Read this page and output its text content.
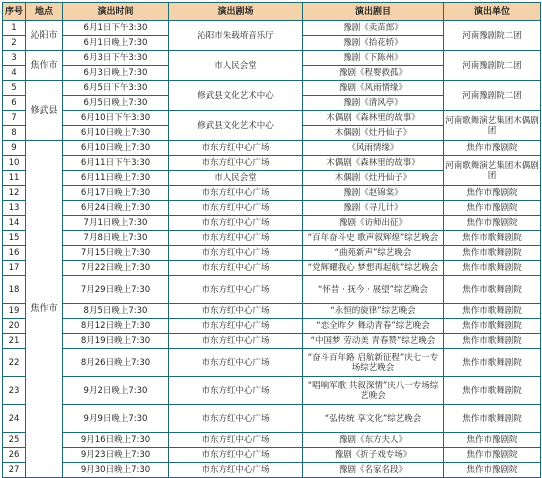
序号	地点	演出时间	演出剧场	演出剧目	演出单位
1	沁阳市	6月1日下午3:30	沁阳市朱载堉音乐厅	豫剧《卖苗郎》	河南豫剧院二团
2		6月1日晚上7:30		豫剧《抬花轿》	
3	焦作市	6月3日下午3:30	市人民会堂	豫剧《下陈州》	河南豫剧院二团
4		6月3日晚上7:30		豫剧《程婴救孤》	
5	修武县	6月5日下午3:30	修武县文化艺术中心	豫剧《风雨情缘》	河南豫剧院二团
6		6月5日晚上7:30		豫剧《清风亭》	
7		6月10日下午3:30	修武县文化艺术中心	木偶剧《森林里的故事》	河南歌舞演艺集团木偶剧团
8		6月10日晚上7:30		木偶剧《灶丹仙子》	
9	焦作市	6月10日晚上7:30	市东方红中心广场	《风雨情缘》	焦作市豫剧院
10		6月11日下午3:30	市东方红中心广场	木偶剧《森林里的故事》	河南歌舞演艺集团木偶剧团
11		6月11日晚上7:30	市人民会堂	木偶剧《灶丹仙子》	
12		6月17日晚上7:30	市东方红中心广场	豫剧《赵锦棠》	焦作市豫剧院
13		6月24日晚上7:30	市东方红中心广场	豫剧《寻儿计》	焦作市豫剧院
14		7月1日晚上7:30	市东方红中心广场	豫剧《访师出征》	焦作市豫剧院
15		7月8日晚上7:30	市东方红中心广场	“百年奋斗史 歌声叙辉煌”综艺晚会	焦作市歌舞剧院
16		7月15日晚上7:30	市东方红中心广场	“曲苑新声”综艺晚会	焦作市歌舞剧院
17		7月22日晚上7:30	市东方红中心广场	“党辉耀我心 梦想再起航”综艺晚会	焦作市歌舞剧院
18		7月29日晚上7:30	市东方红中心广场	“怀昔 · 抚今 · 展望”综艺晚会	焦作市歌舞剧院
19		8月5日晚上7:30	市东方红中心广场	“永恒的旋律”综艺晚会	焦作市歌舞剧院
20		8月12日晚上7:30	市东方红中心广场	“恋全昨夕 舞动青春”综艺晚会	焦作市歌舞剧院
21		8月19日晚上7:30	市东方红中心广场	“中国梦 劳动美 青春赞”综艺晚会	焦作市歌舞剧院
22		8月26日晚上7:30	市东方红中心广场	“奋斗百年路 启航新征程”庆七一专场综艺晚会	焦作市歌舞剧院
23		9月2日晚上7:30	市东方红中心广场	“唱响军歌 共叙深情”庆八一专场综艺晚会	焦作市歌舞剧院
24		9月9日晚上7:30	市东方红中心广场	“弘传统 享文化”综艺晚会	焦作市歌舞剧院
25		9月16日晚上7:30	市东方红中心广场	豫剧《东方夫人》	焦作市豫剧院
26		9月23日晚上7:30	市东方红中心广场	豫剧《折子戏专场》	焦作市豫剧院
27		9月30日晚上7:30	市东方红中心广场	豫剧《名家名段》	焦作市豫剧院
